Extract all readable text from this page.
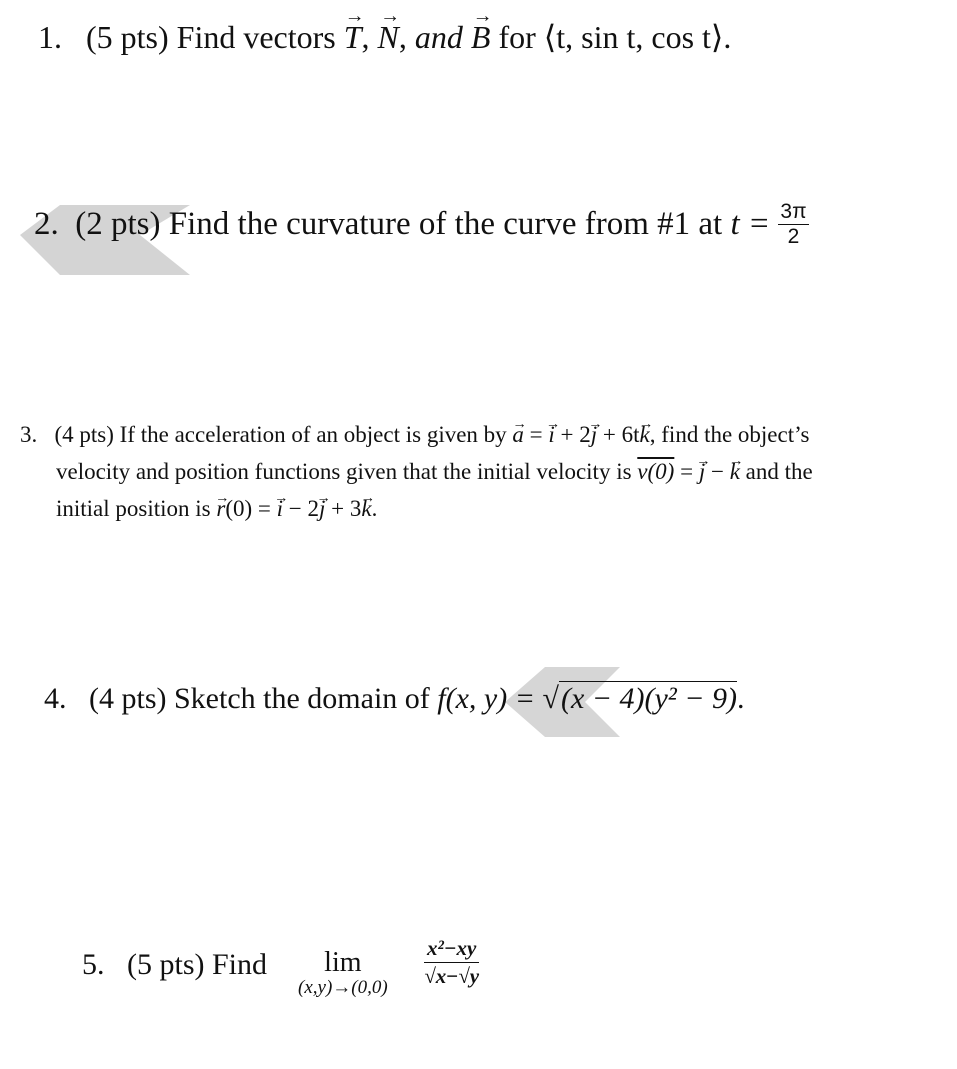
1. (5 pts) Find vectors T →, N →, and B → for ⟨t, sin t, cos t⟩.
2.
(2 pts)
Find the curvature of the curve from #1 at
t =
$\frac{3\pi}{2}$
3. (4 pts) If the acceleration of an object is given by a → = i → + 2j → + 6tk →, find the object’s
velocity and position functions given that the initial velocity is v(0) = j → − k → and the
initial position is r →(0) = i → − 2j → + 3k →.
4. (4 pts) Sketch the domain of f(x, y) = √(x − 4)(y² − 9).
5. (5 pts) Find lim
$(x,y)\to(0,0) \frac{\text{x²−xy}}{√x-√y}$
